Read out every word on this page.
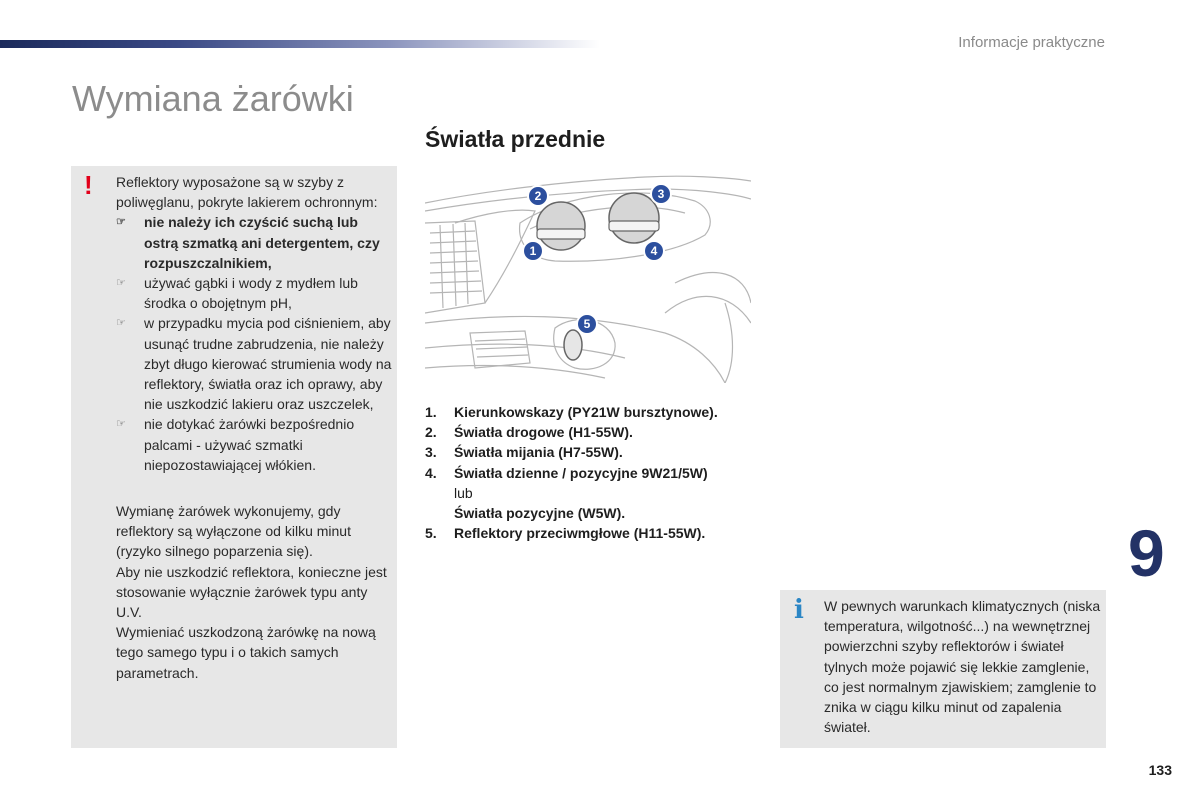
Informacje praktyczne
Wymiana żarówki
Światła przednie
! Reflektory wyposażone są w szyby z poliwęglanu, pokryte lakierem ochronnym:

☞ nie należy ich czyścić suchą lub ostrą szmatką ani detergentem, czy rozpuszczalnikiem,
☞ używać gąbki i wody z mydłem lub środka o obojętnym pH,
☞ w przypadku mycia pod ciśnieniem, aby usunąć trudne zabrudzenia, nie należy zbyt długo kierować strumienia wody na reflektory, światła oraz ich oprawy, aby nie uszkodzić lakieru oraz uszczelek,
☞ nie dotykać żarówki bezpośrednio palcami - używać szmatki niepozostawiającej włókien.

Wymianę żarówek wykonujemy, gdy reflektory są wyłączone od kilku minut (ryzyko silnego poparzenia się).

Aby nie uszkodzić reflektora, konieczne jest stosowanie wyłącznie żarówek typu anty U.V.

Wymieniać uszkodzoną żarówkę na nową tego samego typu i o takich samych parametrach.

1
2	3
4
5
1.	Kierunkowskazy (PY21W bursztynowe).
2.	Światła drogowe (H1-55W).
3.	Światła mijania (H7-55W).
4.	Światła dzienne / pozycyjne 9W21/5W)
lub
Światła pozycyjne (W5W).
5.	Reflektory przeciwmgłowe (H11-55W).	9
i W pewnych warunkach klimatycznych (niska temperatura, wilgotność...) na wewnętrznej powierzchni szyby reflektorów i świateł tylnych może pojawić się lekkie zamglenie, co jest normalnym zjawiskiem; zamglenie to znika w ciągu kilku minut od zapalenia świateł.
133
